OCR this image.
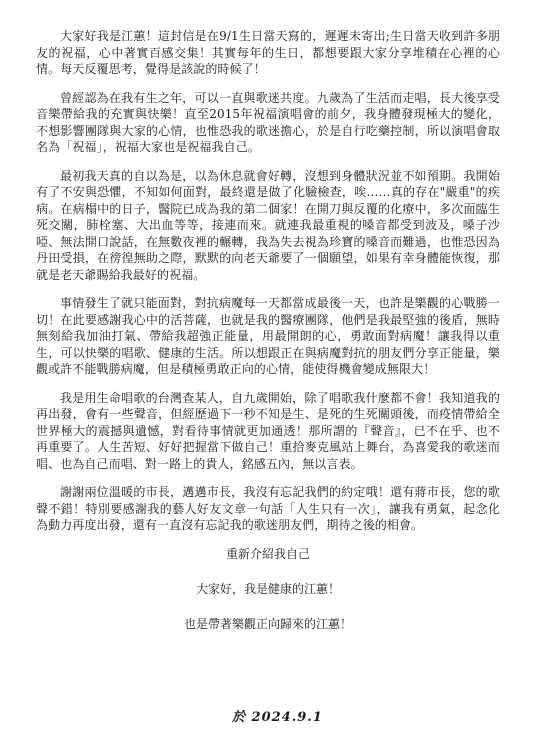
大家好我是江蕙！這封信是在9/1生日當天寫的，遲遲未寄出;生日當天收到許多朋友的祝福，心中著實百感交集！其實每年的生日，都想要跟大家分享堆積在心裡的心情。每天反覆思考，覺得是該說的時候了！

曾經認為在我有生之年，可以一直與歌迷共度。九歲為了生活而走唱，長大後享受音樂帶給我的充實與快樂！直至2015年祝福演唱會的前夕，我身體發現極大的變化，不想影響團隊與大家的心情，也惟恐我的歌迷擔心，於是自行吃藥控制，所以演唱會取名為「祝福」，祝福大家也是祝福我自己。

最初我天真的自以為是，以為休息就會好轉，沒想到身體狀況並不如預期。我開始有了不安與恐懼，不知如何面對，最終還是做了化驗檢查，唉……真的存在"嚴重"的疾病。在病榻中的日子，醫院已成為我的第二個家！在開刀與反覆的化療中，多次面臨生死交關，肺栓塞、大出血等等，接連而來。就連我最重視的嗓音都受到波及，嗓子沙啞、無法開口說話，在無數夜裡的輾轉，我為失去視為珍寶的嗓音而難過，也惟恐因為丹田受損，在徬徨無助之際，默默的向老天爺要了一個願望，如果有幸身體能恢復，那就是老天爺賜給我最好的祝福。

事情發生了就只能面對，對抗病魔每一天都當成最後一天，也許是樂觀的心戰勝一切！在此要感謝我心中的活菩薩，也就是我的醫療團隊，他們是我最堅強的後盾，無時無刻給我加油打氣、帶給我超強正能量，用最開朗的心，勇敢面對病魔！讓我得以重生，可以快樂的唱歌、健康的生活。所以想跟正在與病魔對抗的朋友們分享正能量，樂觀或許不能戰勝病魔，但是積極勇敢正向的心情，能使得機會變成無限大！

我是用生命唱歌的台灣查某人，自九歲開始，除了唱歌我什麼都不會！我知道我的再出發，會有一些聲音，但經歷過下一秒不知是生、是死的生死關頭後，而疫情帶給全世界極大的震撼與遺憾，對看待事情就更加通透！那所謂的『聲音』，已不在乎、也不再重要了。人生苦短、好好把握當下做自己！重拾麥克風站上舞台，為喜愛我的歌迷而唱、也為自己而唱、對一路上的貴人，銘感五內，無以言表。

謝謝兩位溫暖的市長，邁邁市長，我沒有忘記我們的約定哦！還有蔣市長，您的歌聲不錯！特別要感謝我的藝人好友文章一句話「人生只有一次」，讓我有勇氣，起念化為動力再度出發，還有一直沒有忘記我的歌迷朋友們，期待之後的相會。

重新介紹我自己

大家好，我是健康的江蕙！

也是帶著樂觀正向歸來的江蕙！

於 2024.9.1
